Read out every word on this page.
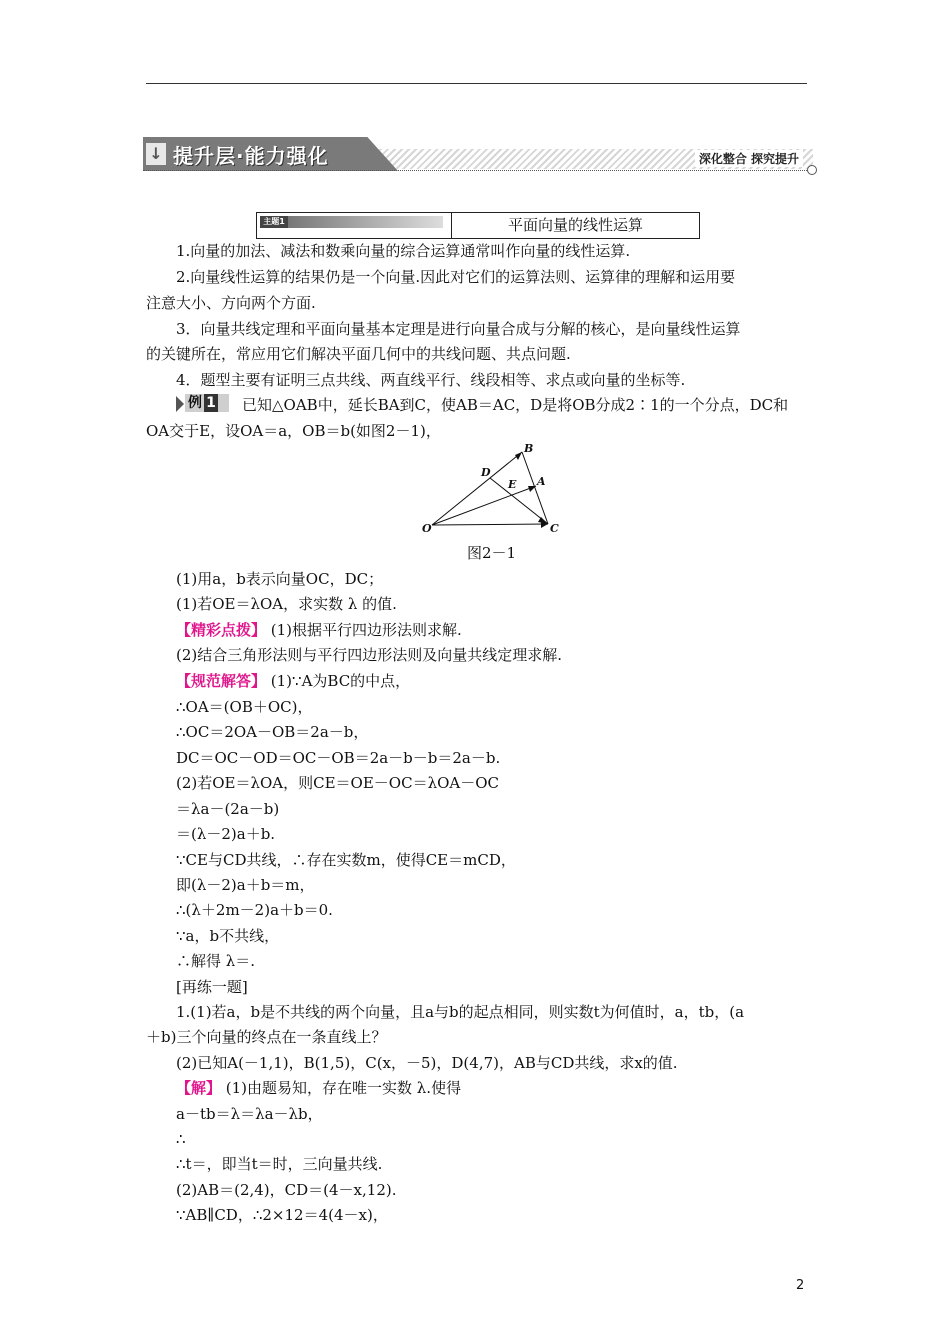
↓ 提升层·能力强化	深化整合 探究提升
主题1	平面向量的线性运算
1.向量的加法、减法和数乘向量的综合运算通常叫作向量的线性运算.
2.向量线性运算的结果仍是一个向量.因此对它们的运算法则、运算律的理解和运用要
注意大小、方向两个方面.
3．向量共线定理和平面向量基本定理是进行向量合成与分解的核心，是向量线性运算
的关键所在，常应用它们解决平面几何中的共线问题、共点问题.
4．题型主要有证明三点共线、两直线平行、线段相等、求点或向量的坐标等.
例 1	已知△OAB中，延长BA到C，使AB＝AC，D是将OB分成2∶1的一个分点，DC和
OA交于E，设OA＝a，OB＝b(如图2－1)，
O
B
D
E A
C
图2－1
(1)用a，b表示向量OC，DC；
(1)若OE＝λOA，求实数 λ 的值.
【精彩点拨】 (1)根据平行四边形法则求解.
(2)结合三角形法则与平行四边形法则及向量共线定理求解.
【规范解答】 (1)∵A为BC的中点，
∴OA＝(OB＋OC)，
∴OC＝2OA－OB＝2a－b，
DC＝OC－OD＝OC－OB＝2a－b－b＝2a－b.
(2)若OE＝λOA，则CE＝OE－OC＝λOA－OC
＝λa－(2a－b)
＝(λ－2)a＋b.
∵CE与CD共线，∴存在实数m，使得CE＝mCD，
即(λ－2)a＋b＝m，
∴(λ＋2m－2)a＋b＝0.
∵a，b不共线，
∴解得 λ＝.
[再练一题]
1.(1)若a，b是不共线的两个向量，且a与b的起点相同，则实数t为何值时，a，tb，(a
＋b)三个向量的终点在一条直线上？
(2)已知A(－1,1)，B(1,5)，C(x，－5)，D(4,7)，AB与CD共线，求x的值.
【解】 (1)由题易知，存在唯一实数 λ.使得
a－tb＝λ＝λa－λb，
∴
∴t＝，即当t＝时，三向量共线.
(2)AB＝(2,4)，CD＝(4－x,12).
∵AB∥CD，∴2×12＝4(4－x)，
2
